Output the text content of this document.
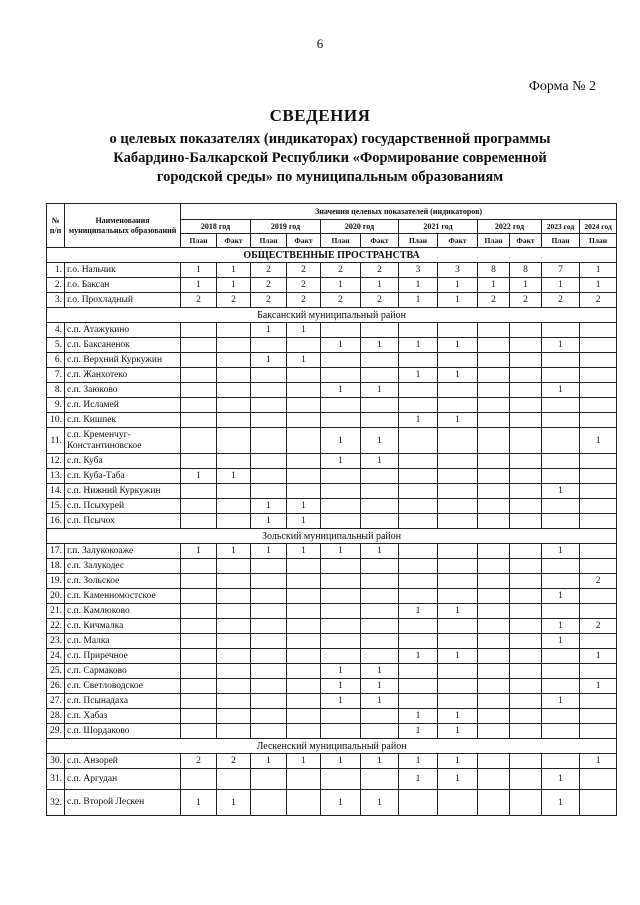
6
Форма № 2
СВЕДЕНИЯ
о целевых показателях (индикаторах) государственной программы
Кабардино-Балкарской Республики «Формирование современной
городской среды» по муниципальным образованиям
№ п/п	Наименования муниципальных образований	Значения целевых показателей (индикаторов)											
		2018 год		2019 год		2020 год		2021 год		2022 год		2023 год	2024 год
		План	Факт	План	Факт	План	Факт	План	Факт	План	Факт	План	План
ОБЩЕСТВЕННЫЕ ПРОСТРАНСТВА													
1.	г.о. Нальчик	1	1	2	2	2	2	3	3	8	8	7	1
2.	г.о. Баксан	1	1	2	2	1	1	1	1	1	1	1	1
3.	г.о. Прохладный	2	2	2	2	2	2	1	1	2	2	2	2
Баксанский муниципальный район													
4.	с.п. Атажукино			1	1								
5.	с.п. Баксаненок					1	1	1	1			1	
6.	с.п. Верхний Куркужин			1	1								
7.	с.п. Жанхотеко							1	1				
8.	с.п. Заюково					1	1					1	
9.	с.п. Исламей												
10.	с.п. Кишпек							1	1				
11.	с.п. Кременчуг-Константиновское					1	1						1
12.	с.п. Куба					1	1						
13.	с.п. Куба-Таба	1	1										
14.	с.п. Нижний Куркужин											1	
15.	с.п. Псыхурей			1	1								
16.	с.п. Псычох			1	1								
Зольский муниципальный район													
17.	г.п. Залукокоаже	1	1	1	1	1	1					1	
18.	с.п. Залукодес												
19.	с.п. Зольское												2
20.	с.п. Каменномостское											1	
21.	с.п. Камлюково							1	1				
22.	с.п. Кичмалка											1	2
23.	с.п. Малка											1	
24.	с.п. Приречное							1	1				1
25.	с.п. Сармаково					1	1						
26.	с.п. Светловодское					1	1						1
27.	с.п. Псынадаха					1	1					1	
28.	с.п. Хабаз							1	1				
29.	с.п. Шордаково							1	1				
Лескенский муниципальный район													
30.	с.п. Анзорей	2	2	1	1	1	1	1	1				1
31.	с.п. Аргудан							1	1			1	
32.	с.п. Второй Лескен	1	1			1	1					1	
